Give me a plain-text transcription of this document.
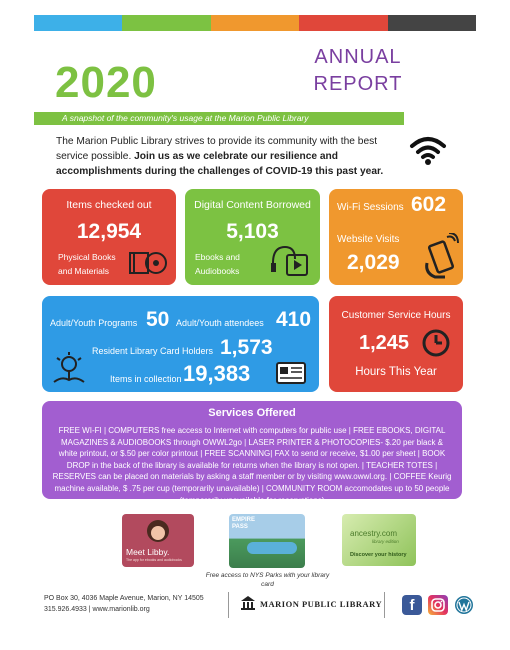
2020
ANNUAL
REPORT
A snapshot of the community's usage at the Marion Public Library
The Marion Public Library strives to provide its community with the best service possible. Join us as we celebrate our resilience and accomplishments during the challenges of COVID-19 this past year.
Items checked out
12,954
Physical Books
and Materials
Digital Content Borrowed
5,103
Ebooks and
Audiobooks
Wi-Fi Sessions 602
Website Visits
2,029
Adult/Youth Programs 50 Adult/Youth attendees 410
Resident Library Card Holders 1,573
Items in collection 19,383
Customer Service Hours
1,245
Hours This Year
Services Offered
FREE WI-FI | COMPUTERS free access to Internet with computers for public use | FREE EBOOKS, DIGITAL MAGAZINES & AUDIOBOOKS through OWWL2go | LASER PRINTER & PHOTOCOPIES- $.20 per black & white printout, or $.50 per color printout | FREE SCANNING| FAX to send or receive, $1.00 per sheet | BOOK DROP in the back of the library is available for returns when the library is not open. | TEACHER TOTES | RESERVES can be placed on materials by asking a staff member or by visiting www.owwl.org. | COFFEE Keurig machine available, $ .75 per cup (temporarily unavailable) | COMMUNITY ROOM accomodates up to 50 people (temporarily unavailable for reservations)
Meet Libby.
The app for ebooks and audiobooks
EMPIRE
PASS
Free access to NYS Parks with your library card
ancestry.com
library edition
Discover your history
PO Box 30, 4036 Maple Avenue, Marion, NY 14505
315.926.4933 | www.marionlib.org
MARION PUBLIC LIBRARY	f
